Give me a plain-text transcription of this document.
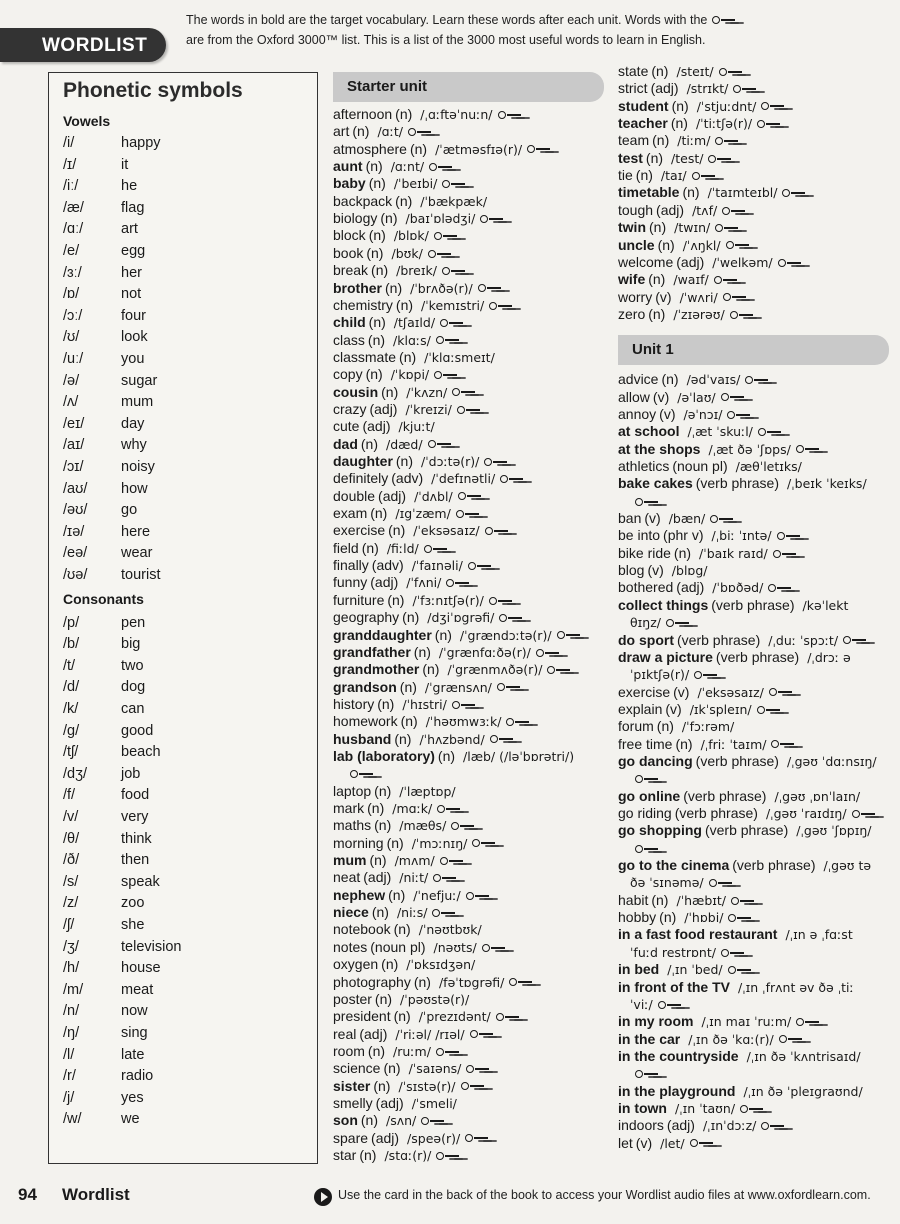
WORDLIST

The words in bold are the target vocabulary. Learn these words after each unit. Words with the

are from the Oxford 3000™ list. This is a list of the 3000 most useful words to learn in English.

Phonetic symbols
Vowels
/i/	happy
/ɪ/	it
/iː/	he
/æ/	flag
/ɑː/	art
/e/	egg
/ɜː/	her
/ɒ/	not
/ɔː/	four
/ʊ/	look
/uː/	you
/ə/	sugar
/ʌ/	mum
/eɪ/	day
/aɪ/	why
/ɔɪ/	noisy
/aʊ/ how
/əʊ/ go
/ɪə/	here
/eə/ wear
/ʊə/ tourist
Consonants
/p/	pen
/b/	big
/t/	two
/d/	dog
/k/	can
/g/	good
/tʃ/	beach
/dʒ/ job
/f/	food
/v/	very
/θ/	think
/ð/	then
/s/	speak
/z/	zoo
/ʃ/	she
/ʒ/	television
/h/	house
/m/	meat
/n/	now
/ŋ/	sing
/l/	late
/r/	radio
/j/	yes
/w/	we
Starter unit
afternoon (n) /ˌɑːftəˈnuːn/
art (n) /ɑːt/
atmosphere (n) /ˈætməsfɪə(r)/
aunt (n) /ɑːnt/
baby (n) /ˈbeɪbi/
backpack (n) /ˈbækpæk/
biology (n) /baɪˈɒlədʒi/
block (n) /blɒk/
book (n) /bʊk/
break (n) /breɪk/
brother (n) /ˈbrʌðə(r)/
chemistry (n) /ˈkemɪstri/
child (n) /tʃaɪld/
class (n) /klɑːs/
classmate (n) /ˈklɑːsmeɪt/
copy (n) /ˈkɒpi/
cousin (n) /ˈkʌzn/
crazy (adj) /ˈkreɪzi/
cute (adj) /kjuːt/
dad (n) /dæd/
daughter (n) /ˈdɔːtə(r)/
definitely (adv) /ˈdefɪnətli/
double (adj) /ˈdʌbl/
exam (n) /ɪgˈzæm/
exercise (n) /ˈeksəsaɪz/
field (n) /fiːld/
finally (adv) /ˈfaɪnəli/
funny (adj) /ˈfʌni/
furniture (n) /ˈfɜːnɪtʃə(r)/
geography (n) /dʒiˈɒgrəfi/
granddaughter (n) /ˈgrændɔːtə(r)/
grandfather (n) /ˈgrænfɑːðə(r)/
grandmother (n) /ˈgrænmʌðə(r)/
grandson (n) /ˈgrænsʌn/
history (n) /ˈhɪstri/
homework (n) /ˈhəʊmwɜːk/
husband (n) /ˈhʌzbənd/
lab (laboratory) (n) /læb/ (/ləˈbɒrətri/)
laptop (n) /ˈlæptɒp/
mark (n) /mɑːk/
maths (n) /mæθs/
morning (n) /ˈmɔːnɪŋ/
mum (n) /mʌm/
neat (adj) /niːt/
nephew (n) /ˈnefjuː/
niece (n) /niːs/
notebook (n) /ˈnəʊtbʊk/
notes (noun pl) /nəʊts/
oxygen (n) /ˈɒksɪdʒən/
photography (n) /fəˈtɒgrəfi/
poster (n) /ˈpəʊstə(r)/
president (n) /ˈprezɪdənt/
real (adj) /ˈriːəl/ /rɪəl/
room (n) /ruːm/
science (n) /ˈsaɪəns/
sister (n) /ˈsɪstə(r)/
smelly (adj) /ˈsmeli/
son (n) /sʌn/
spare (adj) /speə(r)/
star (n) /stɑː(r)/
state (n) /steɪt/
strict (adj) /strɪkt/
student (n) /ˈstjuːdnt/
teacher (n) /ˈtiːtʃə(r)/
team (n) /tiːm/
test (n) /test/
tie (n) /taɪ/
timetable (n) /ˈtaɪmteɪbl/
tough (adj) /tʌf/
twin (n) /twɪn/
uncle (n) /ˈʌŋkl/
welcome (adj) /ˈwelkəm/
wife (n) /waɪf/
worry (v) /ˈwʌri/
zero (n) /ˈzɪərəʊ/
Unit 1
advice (n) /ədˈvaɪs/
allow (v) /əˈlaʊ/
annoy (v) /əˈnɔɪ/
at school /ˌæt ˈskuːl/
at the shops /ˌæt ðə ˈʃɒps/
athletics (noun pl) /æθˈletɪks/
bake cakes (verb phrase) /ˌbeɪk ˈkeɪks/
ban (v) /bæn/
be into (phr v) /ˌbiː ˈɪntə/
bike ride (n) /ˈbaɪk raɪd/
blog (v) /blɒg/
bothered (adj) /ˈbɒðəd/
collect things (verb phrase) /kəˈlekt
θɪŋz/
do sport (verb phrase) /ˌduː ˈspɔːt/
draw a picture (verb phrase) /ˌdrɔː ə
ˈpɪktʃə(r)/
exercise (v) /ˈeksəsaɪz/
explain (v) /ɪkˈspleɪn/
forum (n) /ˈfɔːrəm/
free time (n) /ˌfriː ˈtaɪm/
go dancing (verb phrase) /ˌgəʊ ˈdɑːnsɪŋ/
go online (verb phrase) /ˌgəʊ ˌɒnˈlaɪn/
go riding (verb phrase) /ˌgəʊ ˈraɪdɪŋ/
go shopping (verb phrase) /ˌgəʊ ˈʃɒpɪŋ/
go to the cinema (verb phrase) /ˌgəʊ tə
ðə ˈsɪnəmə/
habit (n) /ˈhæbɪt/
hobby (n) /ˈhɒbi/
in a fast food restaurant /ˌɪn ə ˌfɑːst
ˈfuːd restrɒnt/
in bed /ˌɪn ˈbed/
in front of the TV /ˌɪn ˌfrʌnt əv ðə ˌtiː
ˈviː/
in my room /ˌɪn maɪ ˈruːm/
in the car /ˌɪn ðə ˈkɑː(r)/
in the countryside /ˌɪn ðə ˈkʌntrisaɪd/
in the playground /ˌɪn ðə ˈpleɪgraʊnd/
in town /ˌɪn ˈtaʊn/
indoors (adj) /ˌɪnˈdɔːz/
let (v) /let/
94 Wordlist	Use the card in the back of the book to access your Wordlist audio files at www.oxfordlearn.com.
